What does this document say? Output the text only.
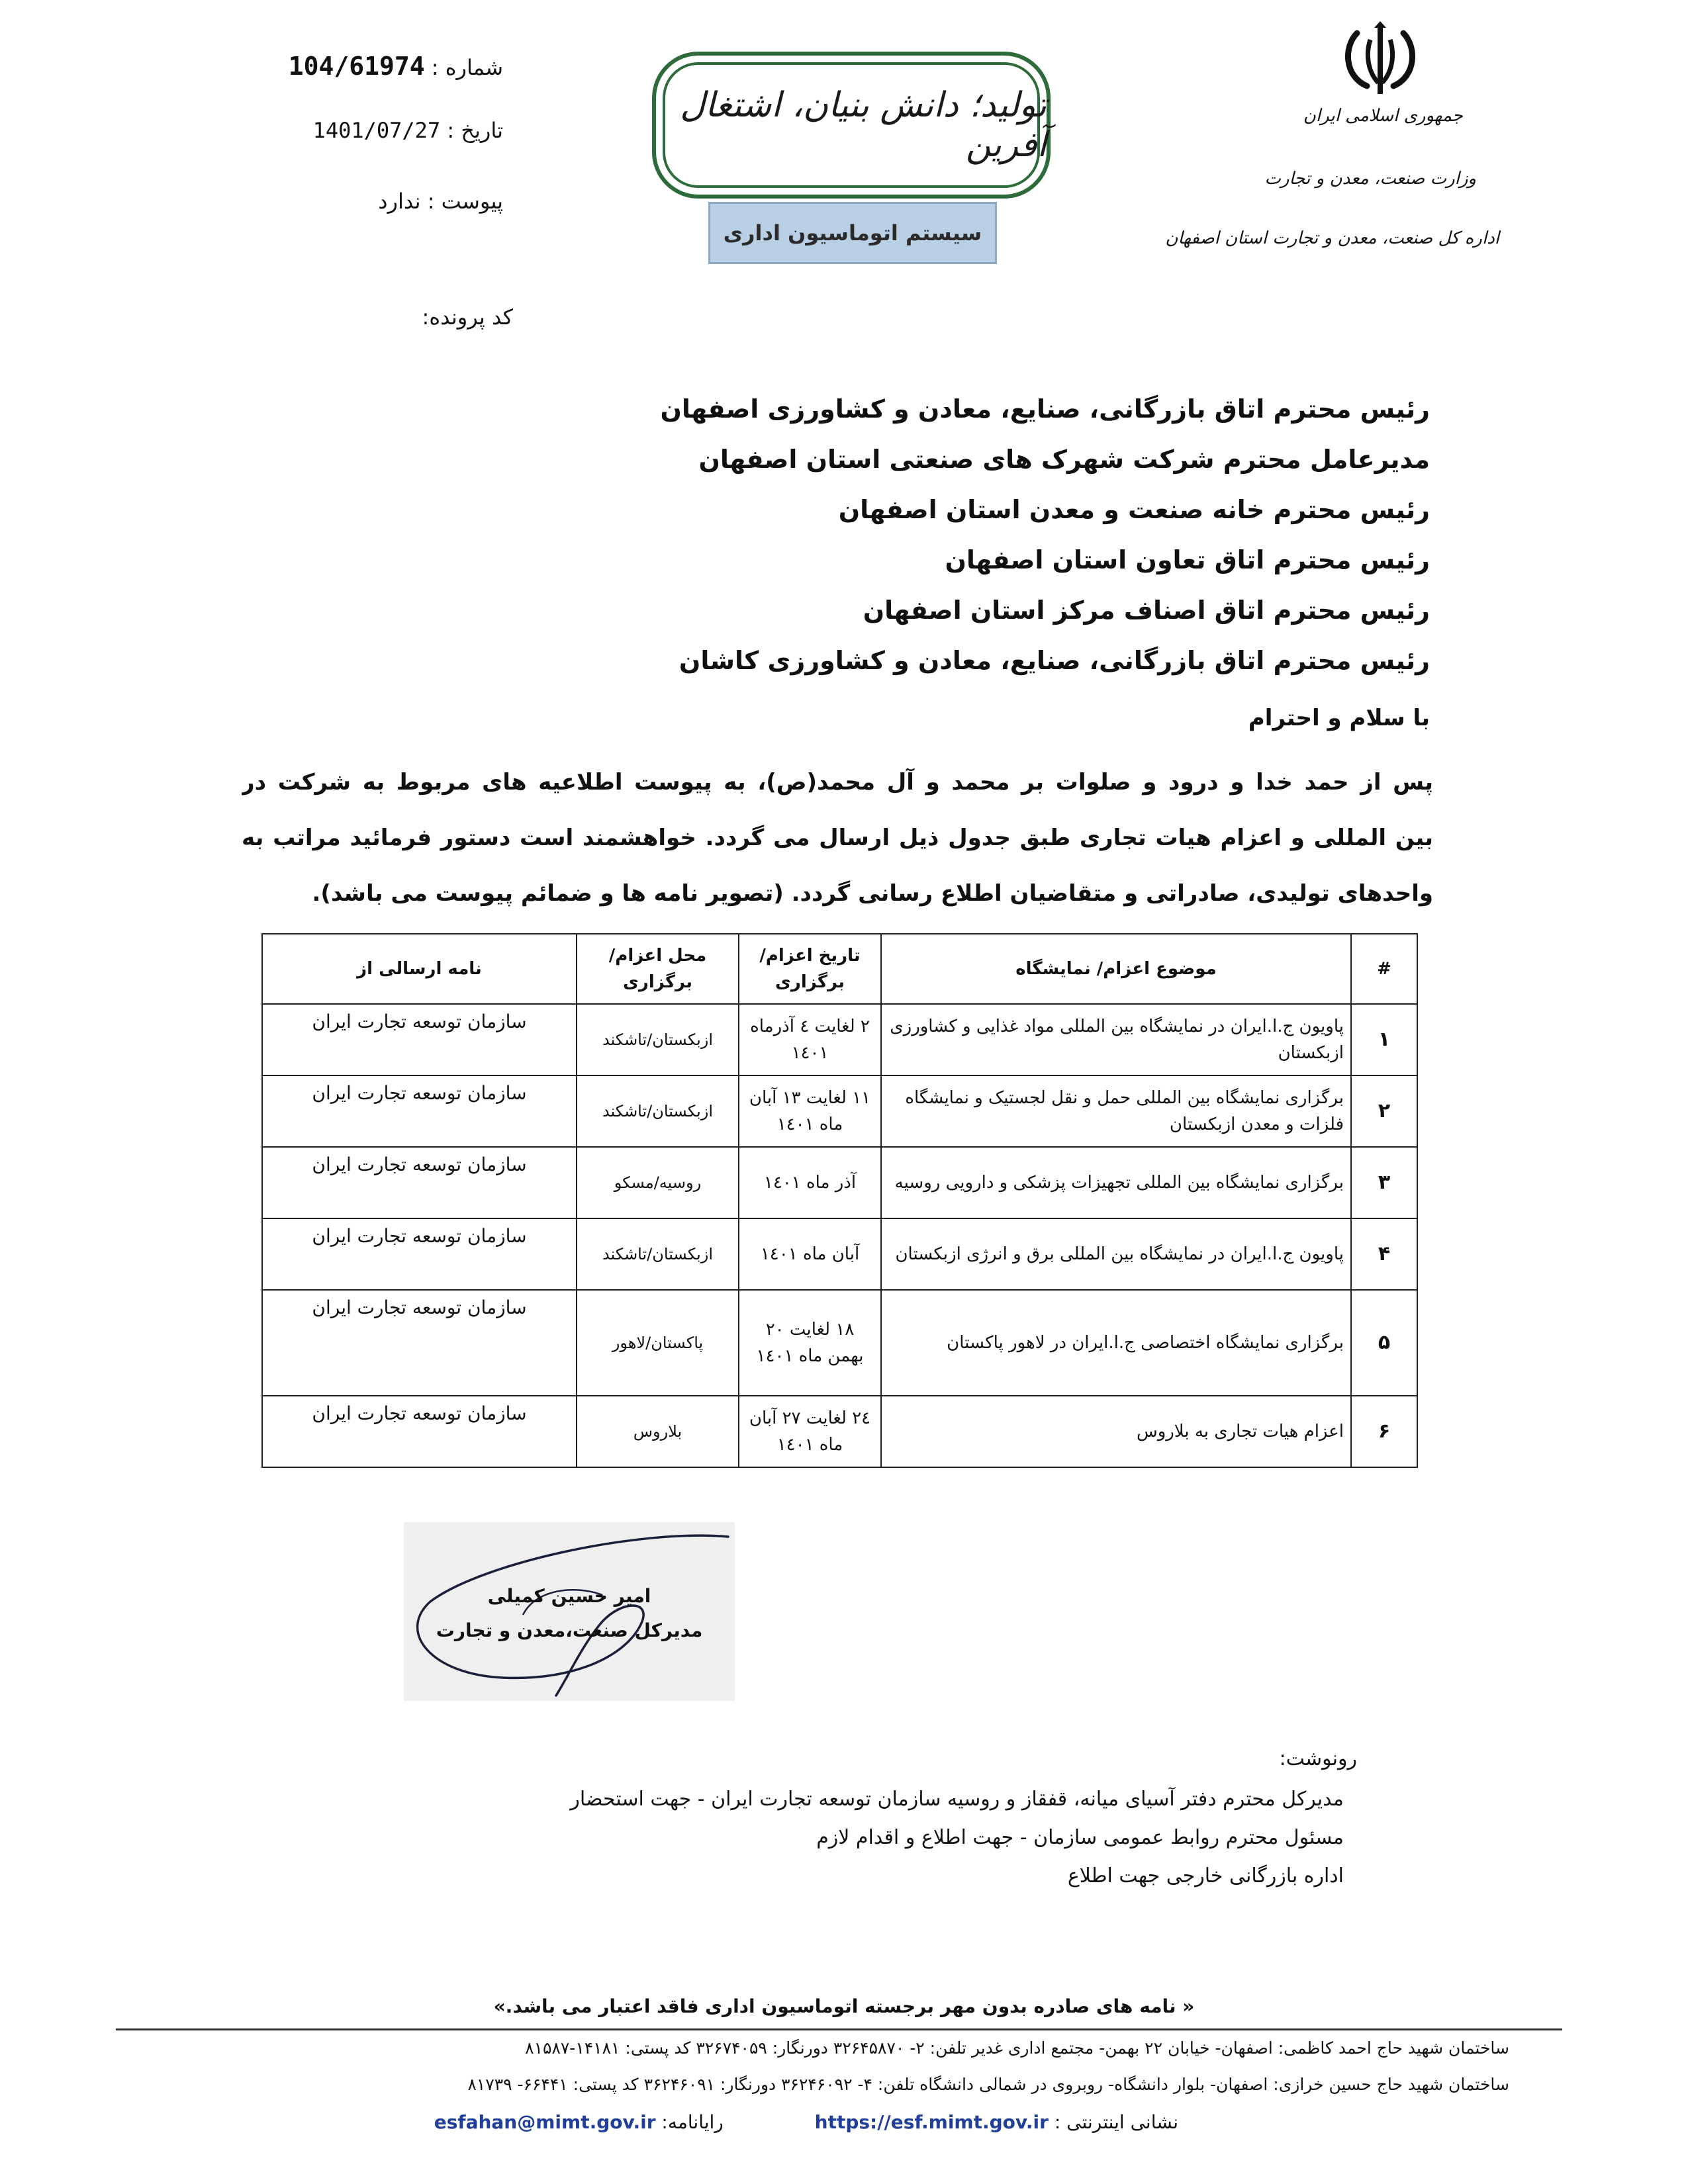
شماره : 104/61974
تاریخ : 1401/07/27
پیوست : ندارد
کد پرونده:
تولید؛ دانش بنیان، اشتغال آفرین
سیستم اتوماسیون اداری
جمهوری اسلامی ایران
وزارت صنعت، معدن و تجارت
اداره کل صنعت، معدن و تجارت استان اصفهان
رئیس محترم اتاق بازرگانی، صنایع، معادن و کشاورزی اصفهان
مدیرعامل محترم شرکت شهرک های صنعتی استان اصفهان
رئیس محترم خانه صنعت و معدن استان اصفهان
رئیس محترم اتاق تعاون استان اصفهان
رئیس محترم اتاق اصناف مرکز استان اصفهان
رئیس محترم اتاق بازرگانی، صنایع، معادن و کشاورزی کاشان
با سلام و احترام
پس از حمد خدا و درود و صلوات بر محمد و آل محمد(ص)، به پیوست اطلاعیه های مربوط به شرکت در
بین المللی و اعزام هیات تجاری طبق جدول ذیل ارسال می گردد. خواهشمند است دستور فرمائید مراتب به
واحدهای تولیدی، صادراتی و متقاضیان اطلاع رسانی گردد. (تصویر نامه ها و ضمائم پیوست می باشد).
#	موضوع اعزام/ نمایشگاه	تاریخ اعزام/ برگزاری	محل اعزام/ برگزاری	نامه ارسالی از
۱	پاویون ج.ا.ایران در نمایشگاه بین المللی مواد غذایی و کشاورزی ازبکستان	۲ لغایت ٤ آذرماه ۱٤۰۱	ازبکستان/تاشکند	سازمان توسعه تجارت ایران
۲	برگزاری نمایشگاه بین المللی حمل و نقل لجستیک و نمایشگاه فلزات و معدن ازبکستان	۱۱ لغایت ۱۳ آبان ماه ۱٤۰۱	ازبکستان/تاشکند	سازمان توسعه تجارت ایران
۳	برگزاری نمایشگاه بین المللی تجهیزات پزشکی و دارویی روسیه	آذر ماه ۱٤۰۱	روسیه/مسکو	سازمان توسعه تجارت ایران
۴	پاویون ج.ا.ایران در نمایشگاه بین المللی برق و انرژی ازبکستان	آبان ماه ۱٤۰۱	ازبکستان/تاشکند	سازمان توسعه تجارت ایران
۵	برگزاری نمایشگاه اختصاصی ج.ا.ایران در لاهور پاکستان	۱۸ لغایت ۲۰ بهمن ماه ۱٤۰۱	پاکستان/لاهور	سازمان توسعه تجارت ایران
۶	اعزام هیات تجاری به بلاروس	۲٤ لغایت ۲۷ آبان ماه ۱٤۰۱	بلاروس	سازمان توسعه تجارت ایران
امیر حسین کمیلی
مدیرکل صنعت،معدن و تجارت
رونوشت:
مدیرکل محترم دفتر آسیای میانه، قفقاز و روسیه سازمان توسعه تجارت ایران - جهت استحضار
مسئول محترم روابط عمومی سازمان - جهت اطلاع و اقدام لازم
اداره بازرگانی خارجی جهت اطلاع
« نامه های صادره بدون مهر برجسته اتوماسیون اداری فاقد اعتبار می باشد.»
ساختمان شهید حاج احمد کاظمی: اصفهان- خیابان ۲۲ بهمن- مجتمع اداری غدیر تلفن: ۲- ۳۲۶۴۵۸۷۰ دورنگار: ۳۲۶۷۴۰۵۹ کد پستی: ۱۴۱۸۱-۸۱۵۸۷
ساختمان شهید حاج حسین خرازی: اصفهان- بلوار دانشگاه- روبروی در شمالی دانشگاه تلفن: ۴- ۳۶۲۴۶۰۹۲ دورنگار: ۳۶۲۴۶۰۹۱ کد پستی: ۶۶۴۴۱- ۸۱۷۳۹
نشانی اینترنتی : https://esf.mimt.gov.ir  رایانامه: esfahan@mimt.gov.ir
